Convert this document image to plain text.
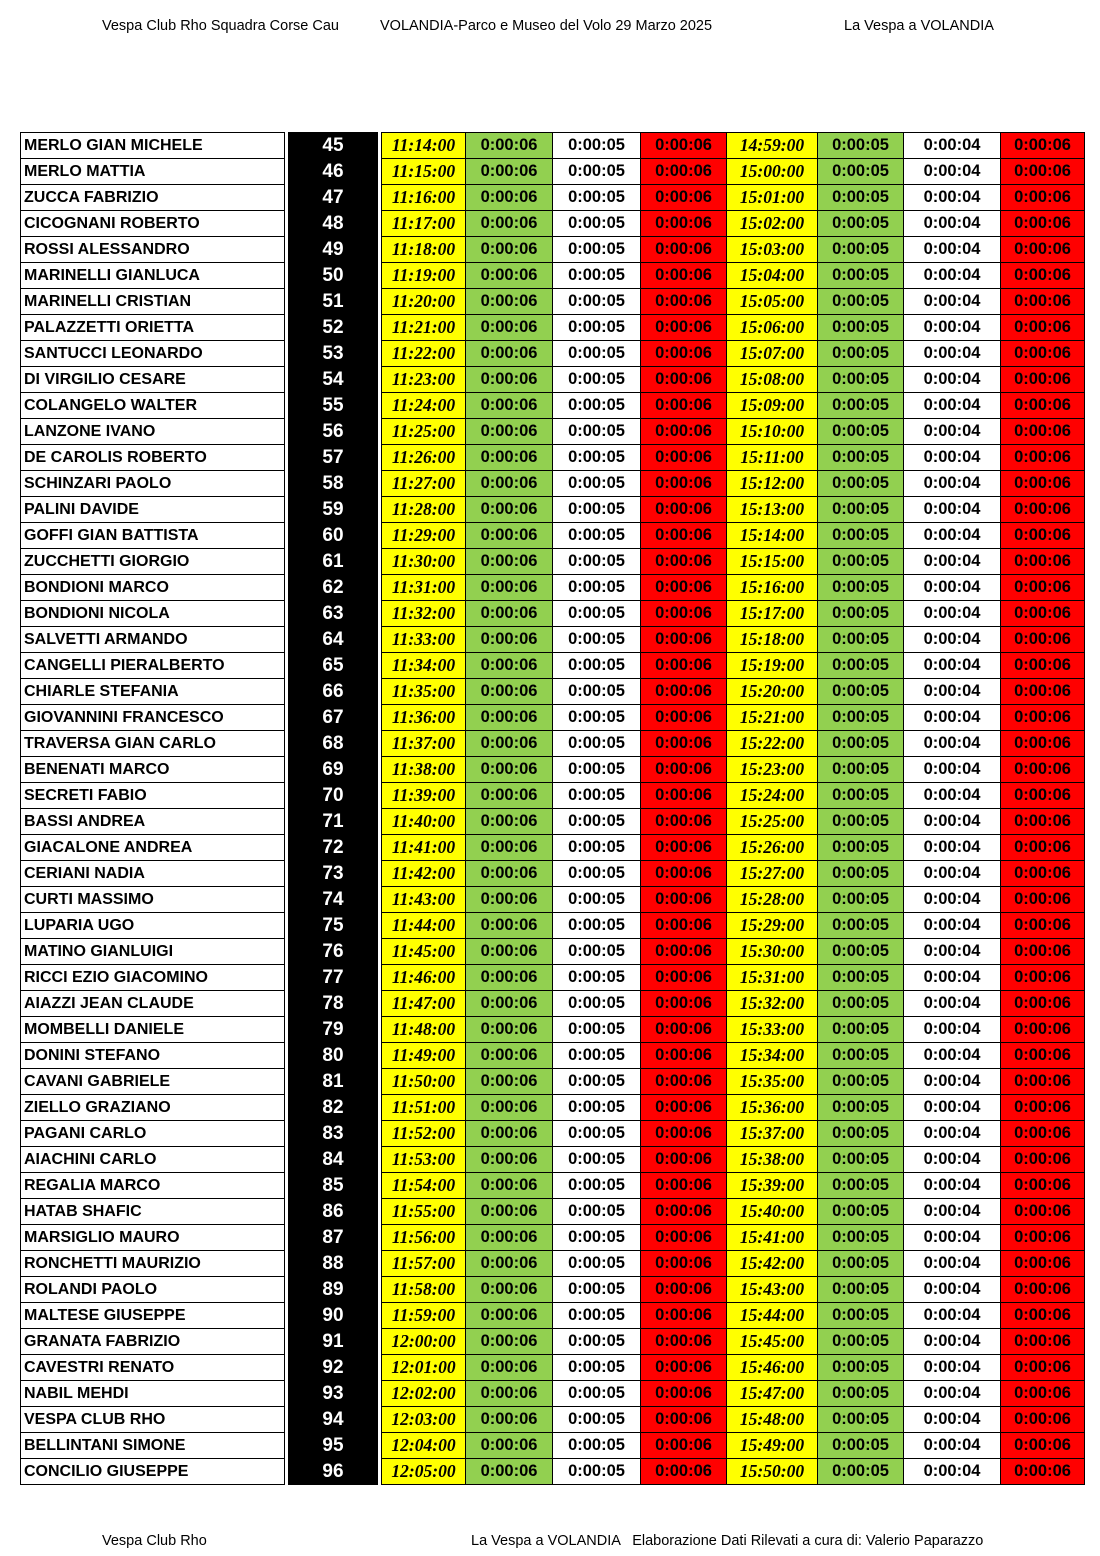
Vespa Club Rho Squadra Corse Cau	VOLANDIA-Parco e Museo del Volo 29 Marzo 2025	La Vespa a VOLANDIA
MERLO GIAN MICHELE		45		11:14:00	0:00:06	0:00:05	0:00:06	14:59:00	0:00:05	0:00:04	0:00:06
MERLO MATTIA		46		11:15:00	0:00:06	0:00:05	0:00:06	15:00:00	0:00:05	0:00:04	0:00:06
ZUCCA FABRIZIO		47		11:16:00	0:00:06	0:00:05	0:00:06	15:01:00	0:00:05	0:00:04	0:00:06
CICOGNANI ROBERTO		48		11:17:00	0:00:06	0:00:05	0:00:06	15:02:00	0:00:05	0:00:04	0:00:06
ROSSI ALESSANDRO		49		11:18:00	0:00:06	0:00:05	0:00:06	15:03:00	0:00:05	0:00:04	0:00:06
MARINELLI GIANLUCA		50		11:19:00	0:00:06	0:00:05	0:00:06	15:04:00	0:00:05	0:00:04	0:00:06
MARINELLI CRISTIAN		51		11:20:00	0:00:06	0:00:05	0:00:06	15:05:00	0:00:05	0:00:04	0:00:06
PALAZZETTI ORIETTA		52		11:21:00	0:00:06	0:00:05	0:00:06	15:06:00	0:00:05	0:00:04	0:00:06
SANTUCCI LEONARDO		53		11:22:00	0:00:06	0:00:05	0:00:06	15:07:00	0:00:05	0:00:04	0:00:06
DI VIRGILIO CESARE		54		11:23:00	0:00:06	0:00:05	0:00:06	15:08:00	0:00:05	0:00:04	0:00:06
COLANGELO WALTER		55		11:24:00	0:00:06	0:00:05	0:00:06	15:09:00	0:00:05	0:00:04	0:00:06
LANZONE IVANO		56		11:25:00	0:00:06	0:00:05	0:00:06	15:10:00	0:00:05	0:00:04	0:00:06
DE CAROLIS ROBERTO		57		11:26:00	0:00:06	0:00:05	0:00:06	15:11:00	0:00:05	0:00:04	0:00:06
SCHINZARI PAOLO		58		11:27:00	0:00:06	0:00:05	0:00:06	15:12:00	0:00:05	0:00:04	0:00:06
PALINI DAVIDE		59		11:28:00	0:00:06	0:00:05	0:00:06	15:13:00	0:00:05	0:00:04	0:00:06
GOFFI GIAN BATTISTA		60		11:29:00	0:00:06	0:00:05	0:00:06	15:14:00	0:00:05	0:00:04	0:00:06
ZUCCHETTI GIORGIO		61		11:30:00	0:00:06	0:00:05	0:00:06	15:15:00	0:00:05	0:00:04	0:00:06
BONDIONI MARCO		62		11:31:00	0:00:06	0:00:05	0:00:06	15:16:00	0:00:05	0:00:04	0:00:06
BONDIONI NICOLA		63		11:32:00	0:00:06	0:00:05	0:00:06	15:17:00	0:00:05	0:00:04	0:00:06
SALVETTI ARMANDO		64		11:33:00	0:00:06	0:00:05	0:00:06	15:18:00	0:00:05	0:00:04	0:00:06
CANGELLI PIERALBERTO		65		11:34:00	0:00:06	0:00:05	0:00:06	15:19:00	0:00:05	0:00:04	0:00:06
CHIARLE STEFANIA		66		11:35:00	0:00:06	0:00:05	0:00:06	15:20:00	0:00:05	0:00:04	0:00:06
GIOVANNINI FRANCESCO		67		11:36:00	0:00:06	0:00:05	0:00:06	15:21:00	0:00:05	0:00:04	0:00:06
TRAVERSA GIAN CARLO		68		11:37:00	0:00:06	0:00:05	0:00:06	15:22:00	0:00:05	0:00:04	0:00:06
BENENATI MARCO		69		11:38:00	0:00:06	0:00:05	0:00:06	15:23:00	0:00:05	0:00:04	0:00:06
SECRETI FABIO		70		11:39:00	0:00:06	0:00:05	0:00:06	15:24:00	0:00:05	0:00:04	0:00:06
BASSI ANDREA		71		11:40:00	0:00:06	0:00:05	0:00:06	15:25:00	0:00:05	0:00:04	0:00:06
GIACALONE ANDREA		72		11:41:00	0:00:06	0:00:05	0:00:06	15:26:00	0:00:05	0:00:04	0:00:06
CERIANI NADIA		73		11:42:00	0:00:06	0:00:05	0:00:06	15:27:00	0:00:05	0:00:04	0:00:06
CURTI MASSIMO		74		11:43:00	0:00:06	0:00:05	0:00:06	15:28:00	0:00:05	0:00:04	0:00:06
LUPARIA UGO		75		11:44:00	0:00:06	0:00:05	0:00:06	15:29:00	0:00:05	0:00:04	0:00:06
MATINO GIANLUIGI		76		11:45:00	0:00:06	0:00:05	0:00:06	15:30:00	0:00:05	0:00:04	0:00:06
RICCI EZIO GIACOMINO		77		11:46:00	0:00:06	0:00:05	0:00:06	15:31:00	0:00:05	0:00:04	0:00:06
AIAZZI JEAN CLAUDE		78		11:47:00	0:00:06	0:00:05	0:00:06	15:32:00	0:00:05	0:00:04	0:00:06
MOMBELLI DANIELE		79		11:48:00	0:00:06	0:00:05	0:00:06	15:33:00	0:00:05	0:00:04	0:00:06
DONINI STEFANO		80		11:49:00	0:00:06	0:00:05	0:00:06	15:34:00	0:00:05	0:00:04	0:00:06
CAVANI GABRIELE		81		11:50:00	0:00:06	0:00:05	0:00:06	15:35:00	0:00:05	0:00:04	0:00:06
ZIELLO GRAZIANO		82		11:51:00	0:00:06	0:00:05	0:00:06	15:36:00	0:00:05	0:00:04	0:00:06
PAGANI CARLO		83		11:52:00	0:00:06	0:00:05	0:00:06	15:37:00	0:00:05	0:00:04	0:00:06
AIACHINI CARLO		84		11:53:00	0:00:06	0:00:05	0:00:06	15:38:00	0:00:05	0:00:04	0:00:06
REGALIA MARCO		85		11:54:00	0:00:06	0:00:05	0:00:06	15:39:00	0:00:05	0:00:04	0:00:06
HATAB SHAFIC		86		11:55:00	0:00:06	0:00:05	0:00:06	15:40:00	0:00:05	0:00:04	0:00:06
MARSIGLIO MAURO		87		11:56:00	0:00:06	0:00:05	0:00:06	15:41:00	0:00:05	0:00:04	0:00:06
RONCHETTI MAURIZIO		88		11:57:00	0:00:06	0:00:05	0:00:06	15:42:00	0:00:05	0:00:04	0:00:06
ROLANDI PAOLO		89		11:58:00	0:00:06	0:00:05	0:00:06	15:43:00	0:00:05	0:00:04	0:00:06
MALTESE GIUSEPPE		90		11:59:00	0:00:06	0:00:05	0:00:06	15:44:00	0:00:05	0:00:04	0:00:06
GRANATA FABRIZIO		91		12:00:00	0:00:06	0:00:05	0:00:06	15:45:00	0:00:05	0:00:04	0:00:06
CAVESTRI RENATO		92		12:01:00	0:00:06	0:00:05	0:00:06	15:46:00	0:00:05	0:00:04	0:00:06
NABIL MEHDI		93		12:02:00	0:00:06	0:00:05	0:00:06	15:47:00	0:00:05	0:00:04	0:00:06
VESPA CLUB RHO		94		12:03:00	0:00:06	0:00:05	0:00:06	15:48:00	0:00:05	0:00:04	0:00:06
BELLINTANI SIMONE		95		12:04:00	0:00:06	0:00:05	0:00:06	15:49:00	0:00:05	0:00:04	0:00:06
CONCILIO GIUSEPPE		96		12:05:00	0:00:06	0:00:05	0:00:06	15:50:00	0:00:05	0:00:04	0:00:06
Vespa Club Rho	La Vespa a VOLANDIA   Elaborazione Dati Rilevati a cura di: Valerio Paparazzo
